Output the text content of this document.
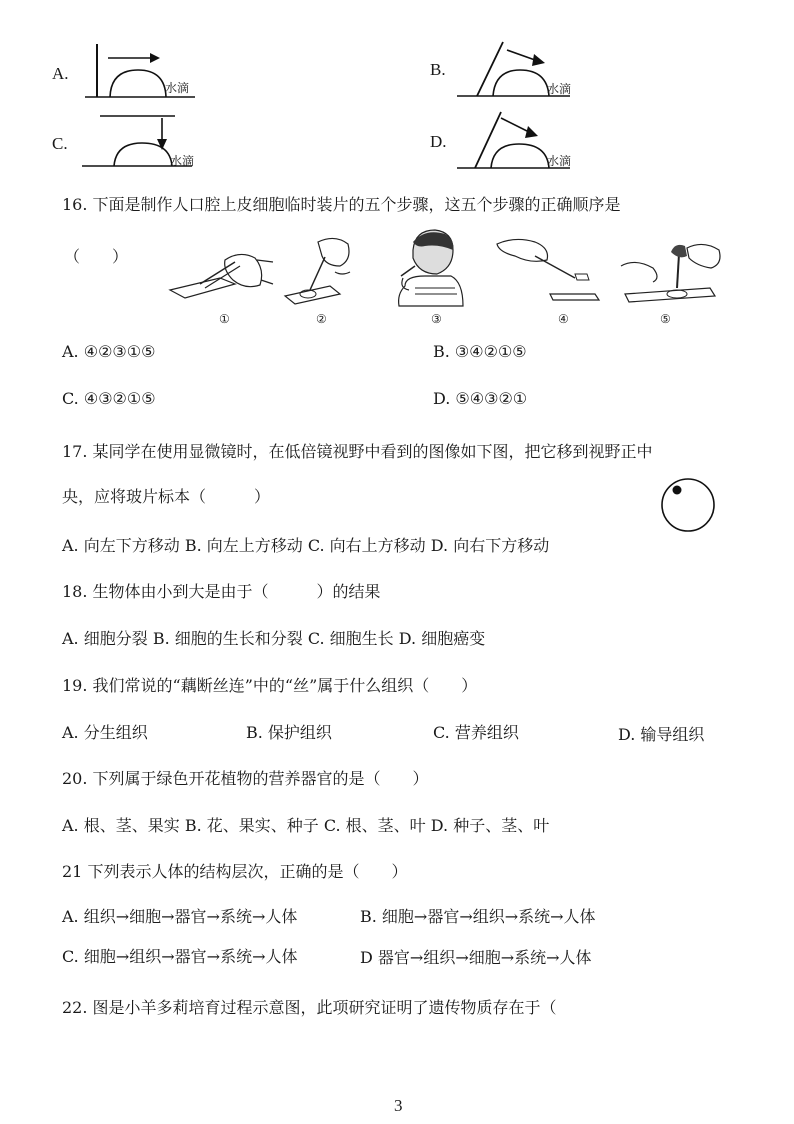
A.
水滴
B.
水滴
C.
水滴
D.
水滴
16. 下面是制作人口腔上皮细胞临时装片的五个步骤，这五个步骤的正确顺序是
（　　）
①	②	③	④	⑤
A. ④②③①⑤	B. ③④②①⑤
C. ④③②①⑤	D. ⑤④③②①
17. 某同学在使用显微镜时，在低倍镜视野中看到的图像如下图，把它移到视野正中
央，应将玻片标本（　　　）
A. 向左下方移动 B. 向左上方移动 C. 向右上方移动 D. 向右下方移动
18. 生物体由小到大是由于（　　　）的结果
A. 细胞分裂 B. 细胞的生长和分裂 C. 细胞生长 D. 细胞癌变
19. 我们常说的“藕断丝连”中的“丝”属于什么组织（　　）
A. 分生组织	B. 保护组织	C. 营养组织	D. 输导组织
20. 下列属于绿色开花植物的营养器官的是（　　）
A. 根、茎、果实 B. 花、果实、种子 C. 根、茎、叶 D. 种子、茎、叶
21 下列表示人体的结构层次，正确的是（　　）
A. 组织→细胞→器官→系统→人体	B. 细胞→器官→组织→系统→人体
C. 细胞→组织→器官→系统→人体	D 器官→组织→细胞→系统→人体
22. 图是小羊多莉培育过程示意图，此项研究证明了遗传物质存在于（
3
